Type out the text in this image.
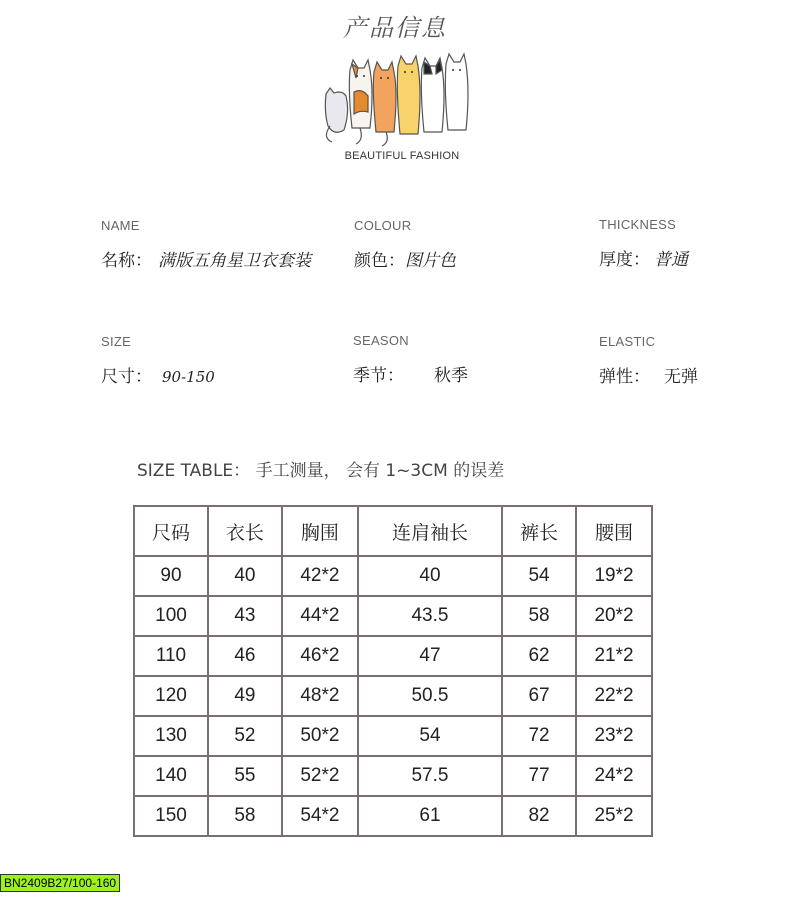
产品信息
BEAUTIFUL FASHION
NAME
名称： 满版五角星卫衣套装
COLOUR
颜色：图片色
THICKNESS
厚度： 普通
SIZE
尺寸： 90-150
SEASON
季节： 秋季
ELASTIC
弹性： 无弹
SIZE TABLE： 手工测量， 会有 1~3CM 的误差
尺码	衣长	胸围	连肩袖长	裤长	腰围
90	40	42*2	40	54	19*2
100	43	44*2	43.5	58	20*2
110	46	46*2	47	62	21*2
120	49	48*2	50.5	67	22*2
130	52	50*2	54	72	23*2
140	55	52*2	57.5	77	24*2
150	58	54*2	61	82	25*2
BN2409B27/100-160
